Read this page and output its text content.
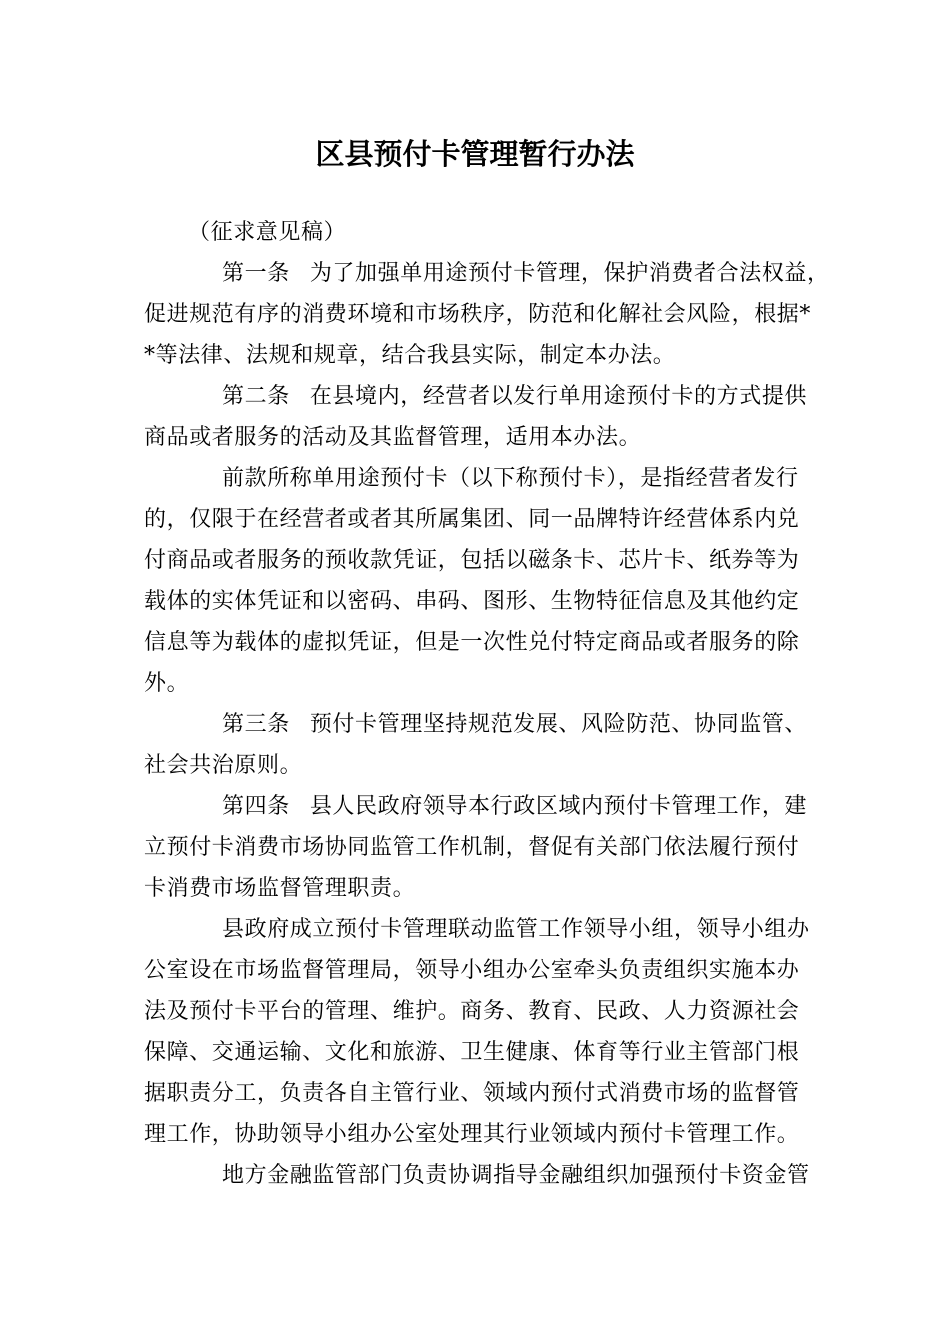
区县预付卡管理暂行办法

（征求意见稿）

第一条 为了加强单用途预付卡管理，保护消费者合法权益，
促进规范有序的消费环境和市场秩序，防范和化解社会风险，根据*
*等法律、法规和规章，结合我县实际，制定本办法。

第二条 在县境内，经营者以发行单用途预付卡的方式提供
商品或者服务的活动及其监督管理，适用本办法。

前款所称单用途预付卡（以下称预付卡），是指经营者发行
的，仅限于在经营者或者其所属集团、同一品牌特许经营体系内兑
付商品或者服务的预收款凭证，包括以磁条卡、芯片卡、纸券等为
载体的实体凭证和以密码、串码、图形、生物特征信息及其他约定
信息等为载体的虚拟凭证，但是一次性兑付特定商品或者服务的除
外。

第三条 预付卡管理坚持规范发展、风险防范、协同监管、
社会共治原则。

第四条 县人民政府领导本行政区域内预付卡管理工作，建
立预付卡消费市场协同监管工作机制，督促有关部门依法履行预付
卡消费市场监督管理职责。

县政府成立预付卡管理联动监管工作领导小组，领导小组办
公室设在市场监督管理局，领导小组办公室牵头负责组织实施本办
法及预付卡平台的管理、维护。商务、教育、民政、人力资源社会
保障、交通运输、文化和旅游、卫生健康、体育等行业主管部门根
据职责分工，负责各自主管行业、领域内预付式消费市场的监督管
理工作，协助领导小组办公室处理其行业领域内预付卡管理工作。

地方金融监管部门负责协调指导金融组织加强预付卡资金管
